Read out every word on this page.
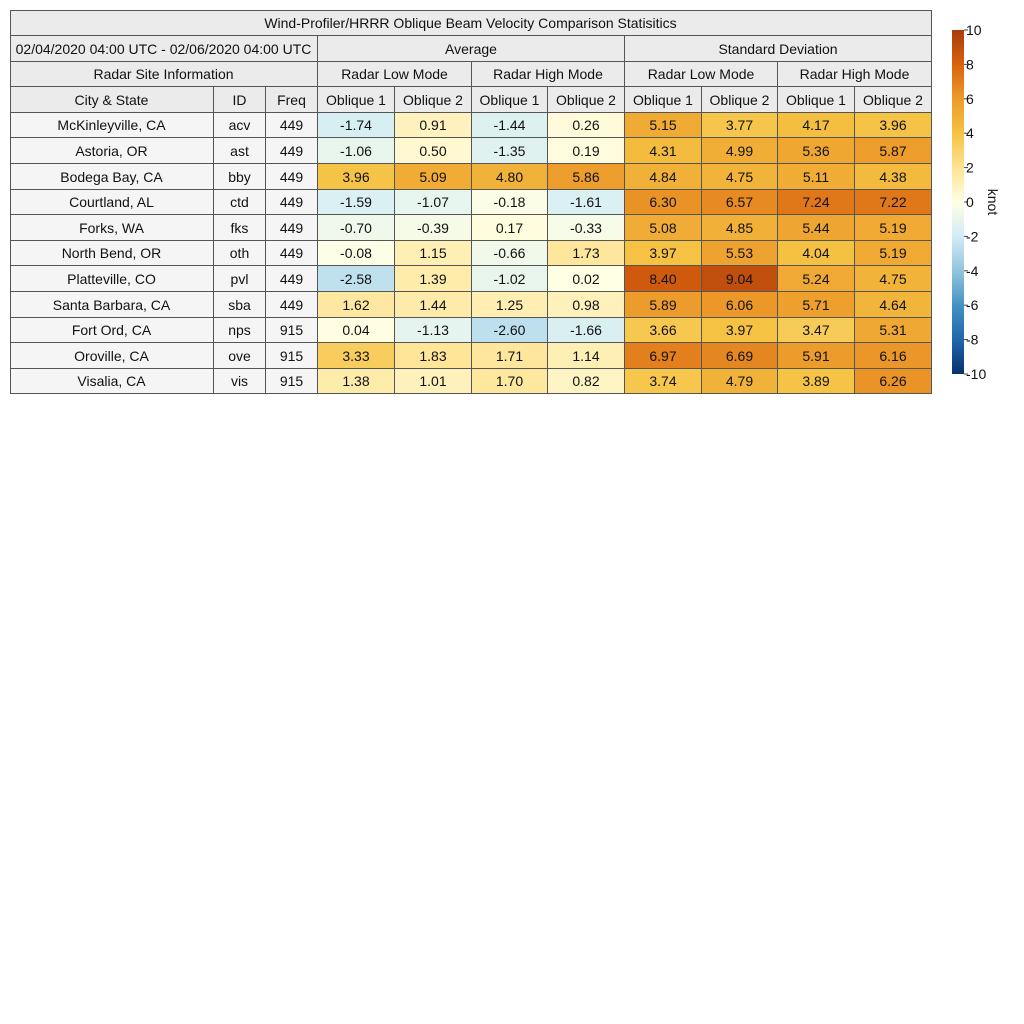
Wind-Profiler/HRRR Oblique Beam Velocity Comparison Statisitics
02/04/2020 04:00 UTC - 02/06/2020 04:00 UTC	Average	Standard Deviation
Radar Site Information	Radar Low Mode	Radar High Mode	Radar Low Mode	Radar High Mode
City & State	ID	Freq	Oblique 1	Oblique 2	Oblique 1	Oblique 2	Oblique 1	Oblique 2	Oblique 1	Oblique 2
McKinleyville, CA	acv	449	-1.74	0.91	-1.44	0.26	5.15	3.77	4.17	3.96
Astoria, OR	ast	449	-1.06	0.50	-1.35	0.19	4.31	4.99	5.36	5.87
Bodega Bay, CA	bby	449	3.96	5.09	4.80	5.86	4.84	4.75	5.11	4.38
Courtland, AL	ctd	449	-1.59	-1.07	-0.18	-1.61	6.30	6.57	7.24	7.22
Forks, WA	fks	449	-0.70	-0.39	0.17	-0.33	5.08	4.85	5.44	5.19
North Bend, OR	oth	449	-0.08	1.15	-0.66	1.73	3.97	5.53	4.04	5.19
Platteville, CO	pvl	449	-2.58	1.39	-1.02	0.02	8.40	9.04	5.24	4.75
Santa Barbara, CA	sba	449	1.62	1.44	1.25	0.98	5.89	6.06	5.71	4.64
Fort Ord, CA	nps	915	0.04	-1.13	-2.60	-1.66	3.66	3.97	3.47	5.31
Oroville, CA	ove	915	3.33	1.83	1.71	1.14	6.97	6.69	5.91	6.16
Visalia, CA	vis	915	1.38	1.01	1.70	0.82	3.74	4.79	3.89	6.26
10
8
6
4
2
0
-2
-4
-6
-8
-10
knot
